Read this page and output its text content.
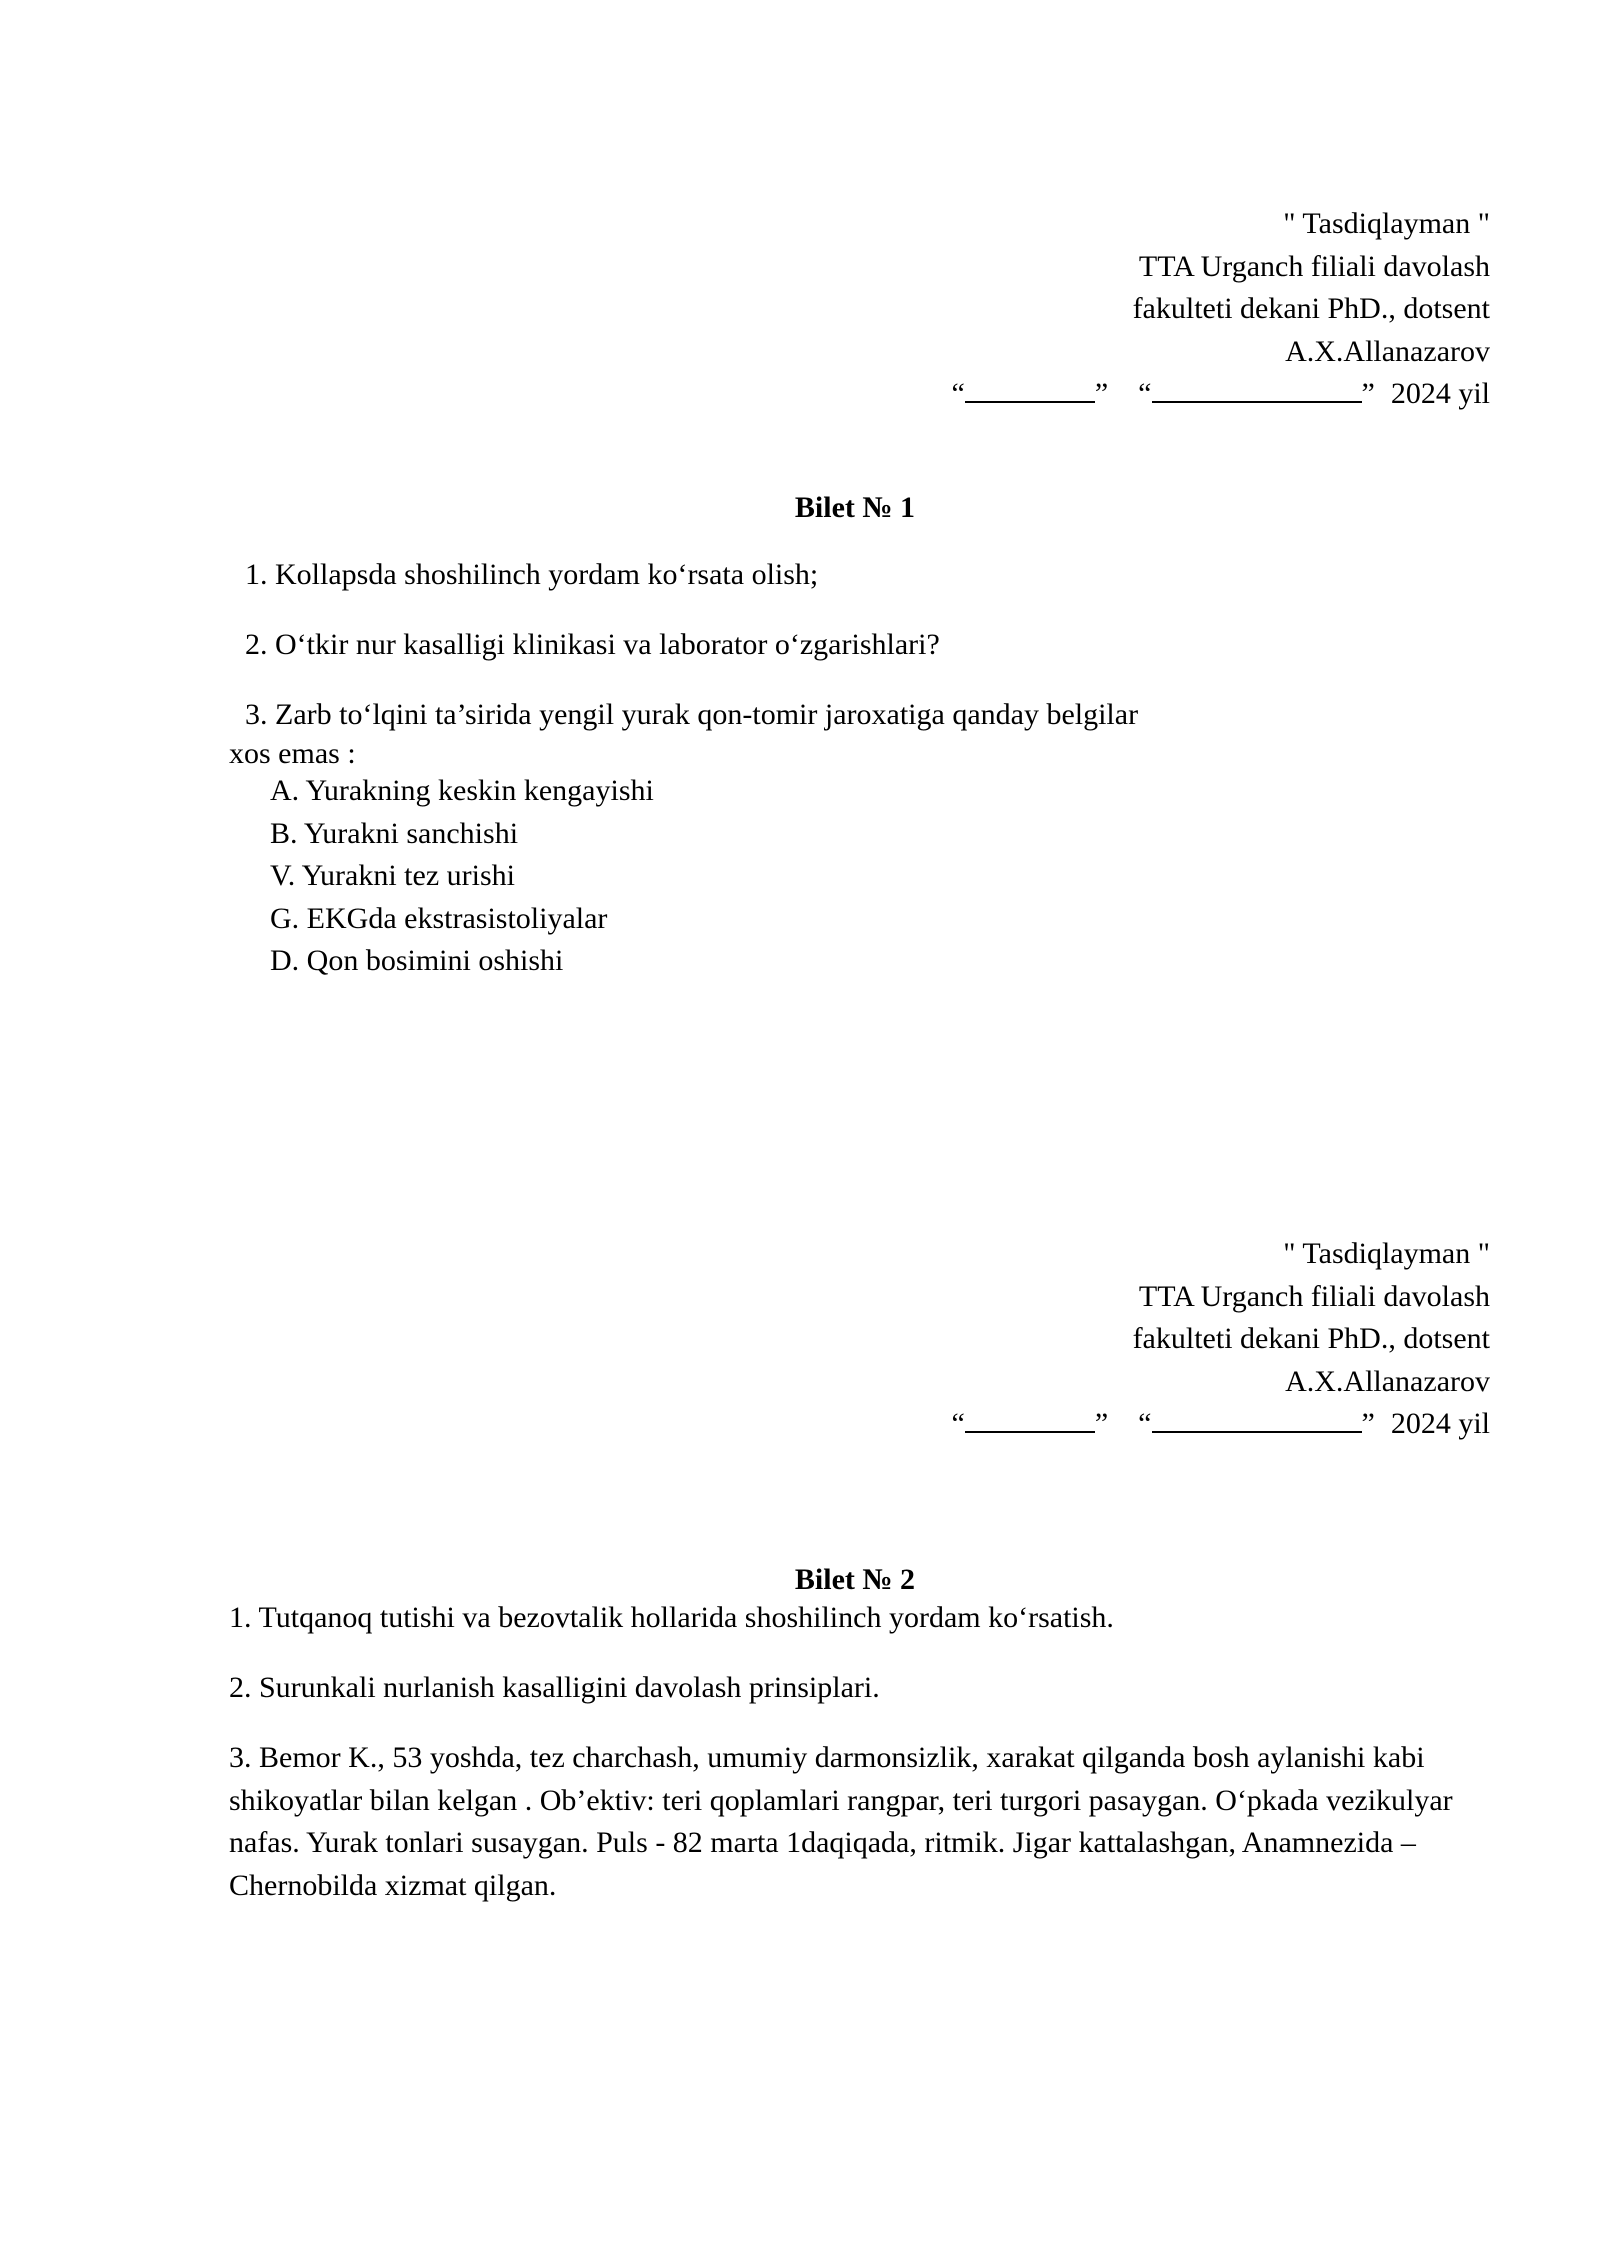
" Tasdiqlayman "
TTA Urganch filiali davolash
fakulteti dekani PhD., dotsent
A.X.Allanazarov
“	” “	” 2024 yil
Bilet № 1
1. Kollapsda shoshilinch yordam ko‘rsata olish;
2. O‘tkir nur kasalligi klinikasi va laborator o‘zgarishlari?
3. Zarb to‘lqini ta’sirida yengil yurak qon-tomir jaroxatiga qanday belgilar
xos emas :
A. Yurakning keskin kengayishi
B. Yurakni sanchishi
V. Yurakni tez urishi
G. EKGda ekstrasistoliyalar
D. Qon bosimini oshishi
" Tasdiqlayman "
TTA Urganch filiali davolash
fakulteti dekani PhD., dotsent
A.X.Allanazarov
“	” “	” 2024 yil
Bilet № 2
1. Tutqanoq tutishi va bezovtalik hollarida shoshilinch yordam ko‘rsatish.
2. Surunkali nurlanish kasalligini davolash prinsiplari.
3. Bemor K., 53 yoshda, tez charchash, umumiy darmonsizlik, xarakat qilganda bosh aylanishi kabi shikoyatlar bilan kelgan . Ob’ektiv: teri qoplamlari rangpar, teri turgori pasaygan. O‘pkada vezikulyar nafas. Yurak tonlari susaygan. Puls - 82 marta 1daqiqada, ritmik. Jigar kattalashgan, Anamnezida –Chernobilda xizmat qilgan.
